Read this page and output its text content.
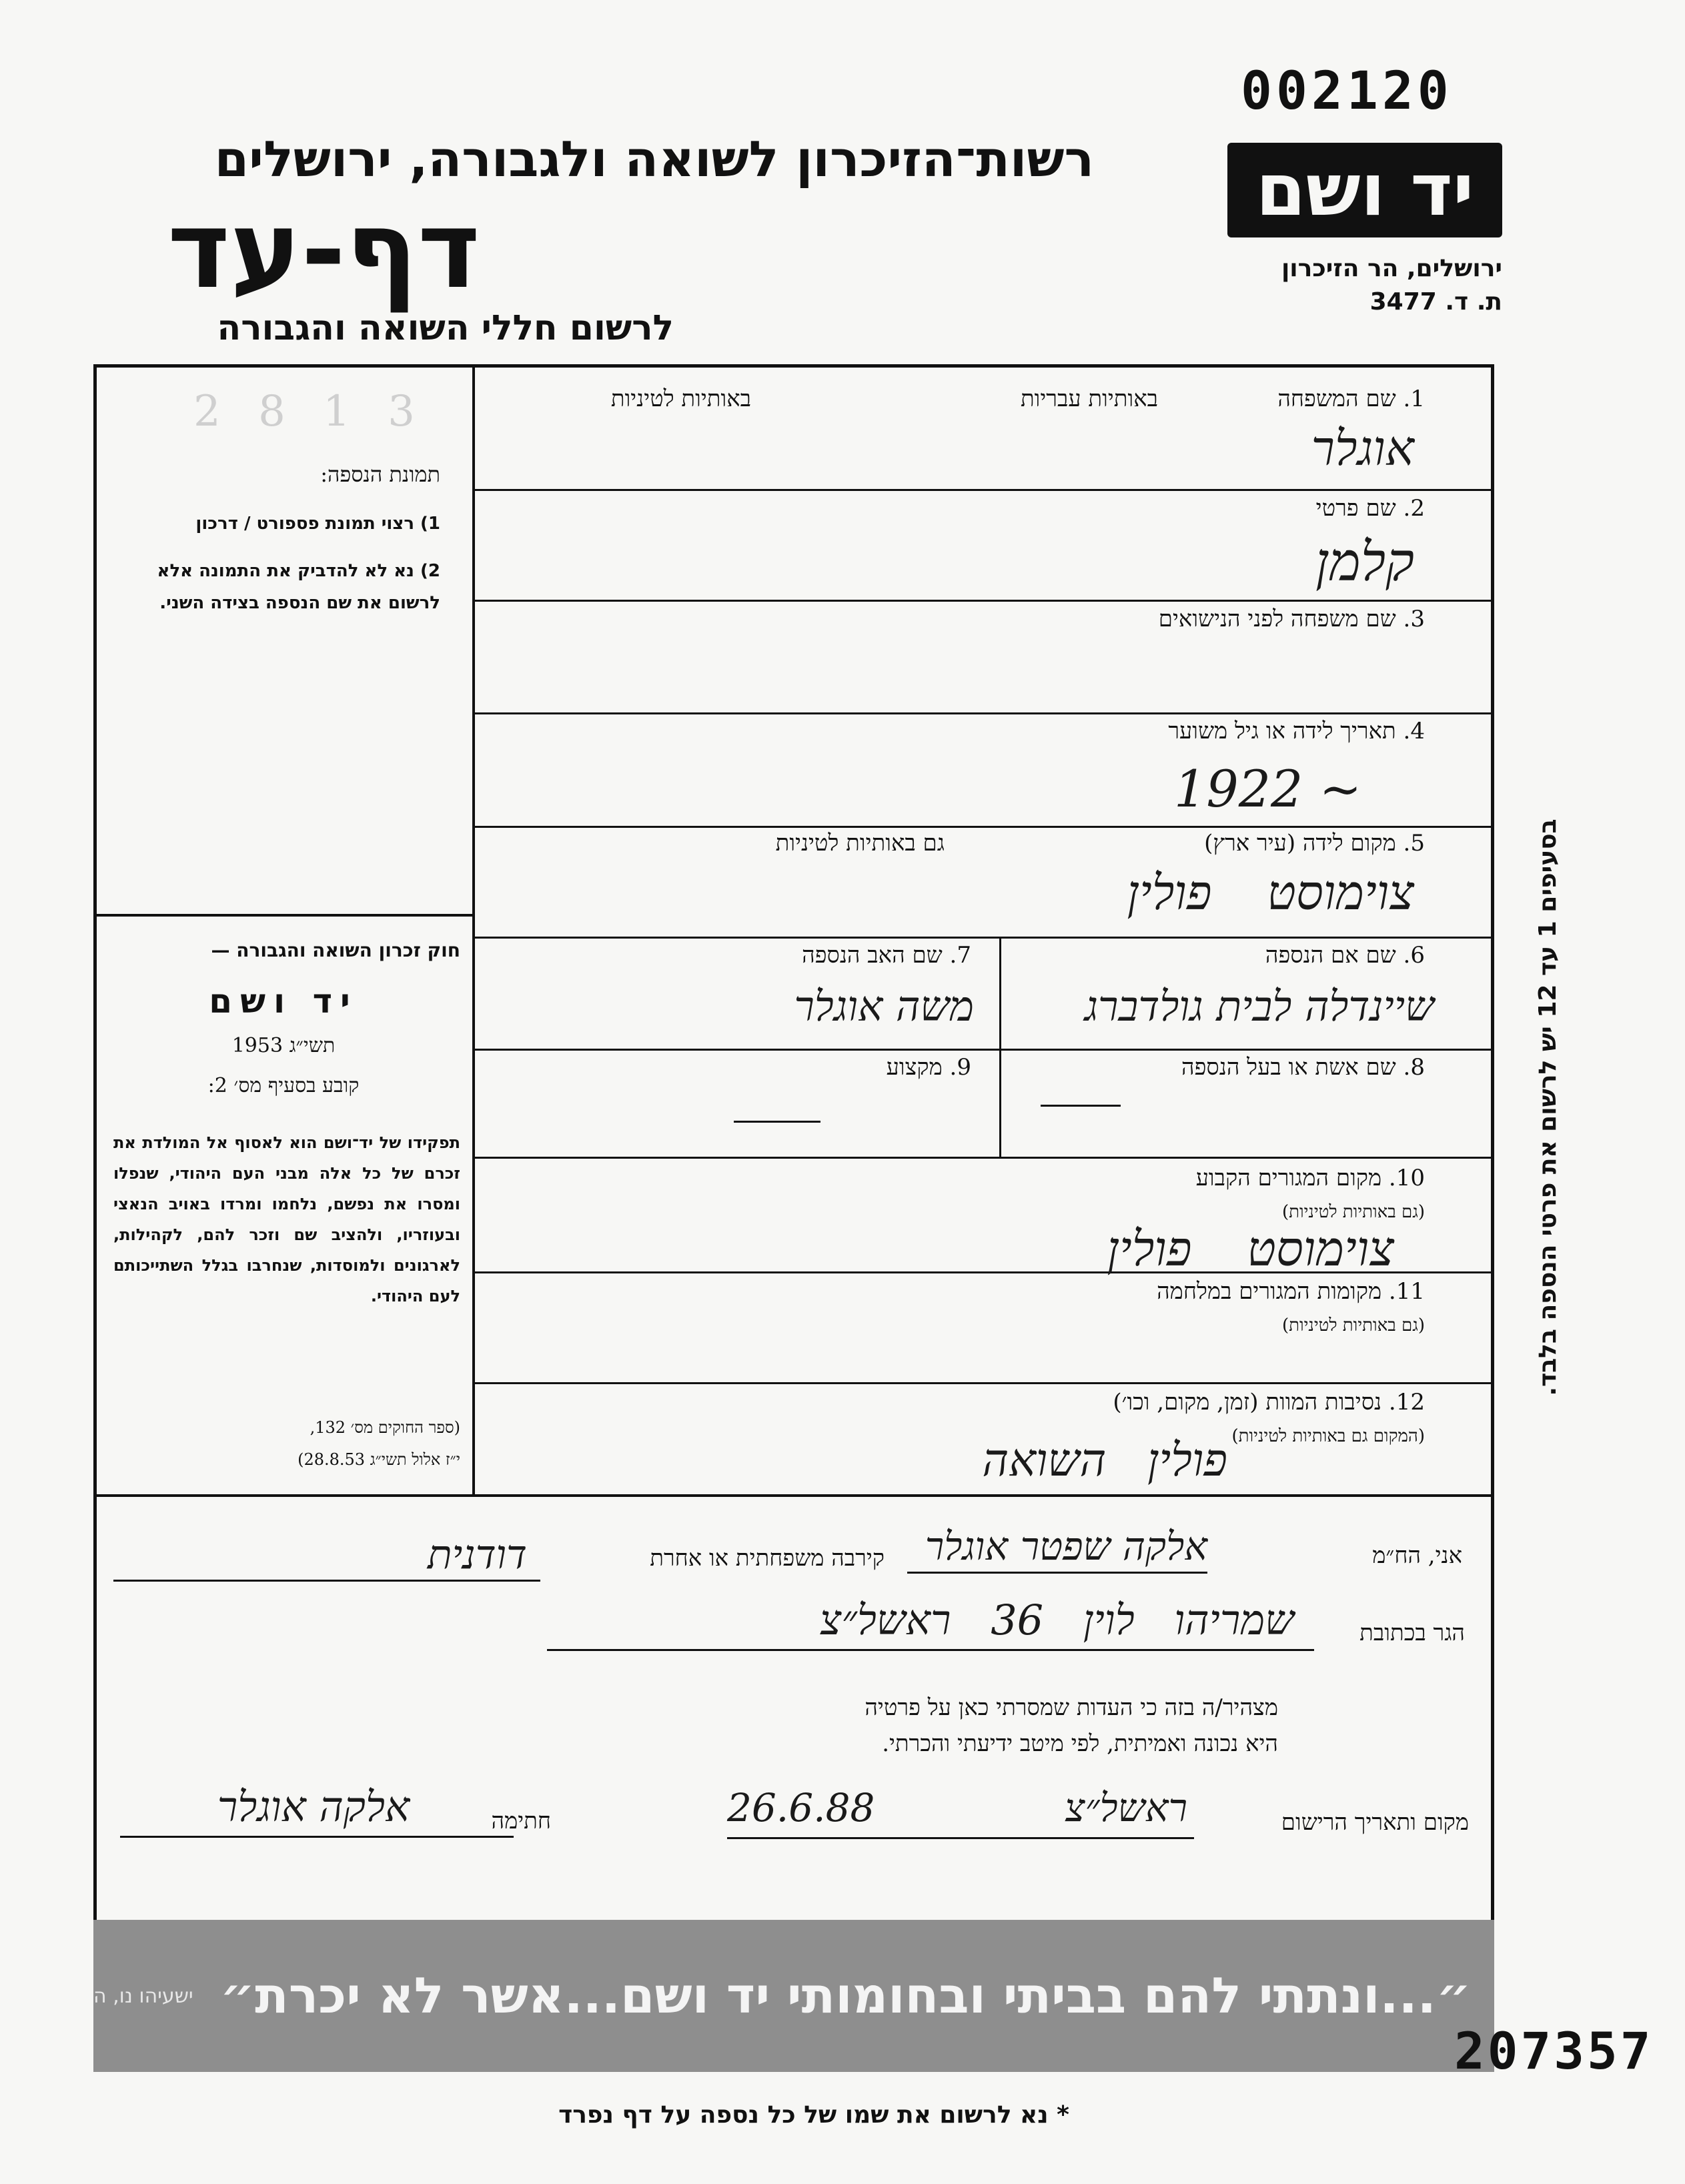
002120
רשות־הזיכרון לשואה ולגבורה, ירושלים
דף-עד
לרשום חללי השואה והגבורה
יד ושם
ירושלים, הר הזיכרון
ת. ד. 3477
2 8 1 3
תמונת הנספה:
1) רצוי תמונת פספורט / דרכון
2) נא לא להדביק את התמונה אלא לרשום את שם הנספה בצידה השני.
חוק זכרון השואה והגבורה —
יד ושם
תשי״ג 1953
קובע בסעיף מס׳ 2:
תפקידו של יד־ושם הוא לאסוף אל המולדת את זכרם של כל אלה מבני העם היהודי, שנפלו ומסרו את נפשם, נלחמו ומרדו באויב הנאצי ובעוזריו, ולהציב שם וזכר להם, לקהילות, לארגונים ולמוסדות, שנחרבו בגלל השתייכותם לעם היהודי.
(ספר החוקים מס׳ 132,
י״ז אלול תשי״ג 28.8.53)
1. שם המשפחה
באותיות עבריות
באותיות לטיניות
אוגלר
2. שם פרטי
קלמן
3. שם משפחה לפני הנישואים
4. תאריך לידה או גיל משוער
1922 ~
5. מקום לידה (עיר ארץ)
גם באותיות לטיניות
צוימוסט פולין
6. שם אם הנספה
שיינדלה לבית גולדברג
7. שם האב הנספה
משה אוגלר
8. שם אשת או בעל הנספה
9. מקצוע
10. מקום המגורים הקבוע
(גם באותיות לטיניות)
צוימוסט פולין
11. מקומות המגורים במלחמה
(גם באותיות לטיניות)
12. נסיבות המוות (זמן, מקום, וכו׳)
(המקום גם באותיות לטיניות)
פולין השואה
בסעיפים 1 עד 12 יש לרשום את פרטי הנספה בלבד.
אני, הח״מ
אלקה שפטר אוגלר
קירבה משפחתית או אחרת
דודנית
הגר בכתובת
שמריהו לוין 36 ראשל״צ
מצהיר/ה בזה כי העדות שמסרתי כאן על פרטיה
היא נכונה ואמיתית, לפי מיטב ידיעתי והכרתי.
חתימה
אלקה אוגלר	מקום ותאריך הרישום
ראשל״צ
26.6.88
״...ונתתי להם בביתי ובחומותי יד ושם...אשר לא יכרת״
ישעיהו נו, ה
207357
* נא לרשום את שמו של כל נספה על דף נפרד
